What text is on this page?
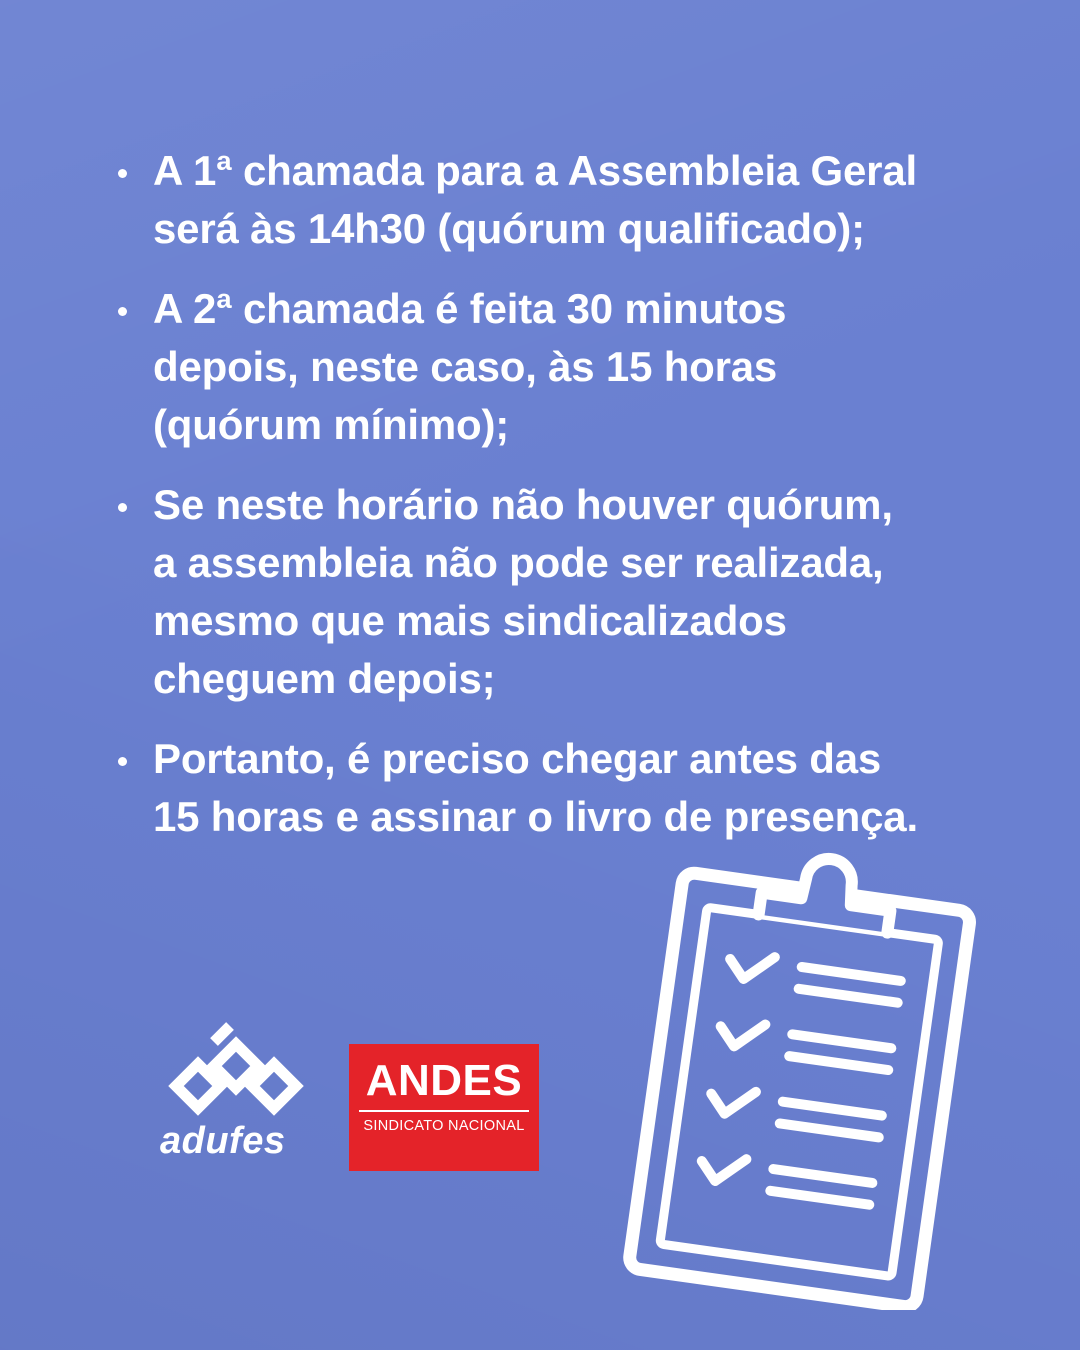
A 1ª chamada para a Assembleia Geral
será às 14h30 (quórum qualificado);
A 2ª chamada é feita 30 minutos
depois, neste caso, às 15 horas
(quórum mínimo);
Se neste horário não houver quórum,
a assembleia não pode ser realizada,
mesmo que mais sindicalizados
cheguem depois;
Portanto, é preciso chegar antes das
15 horas e assinar o livro de presença.
adufes
ANDES
SINDICATO NACIONAL
